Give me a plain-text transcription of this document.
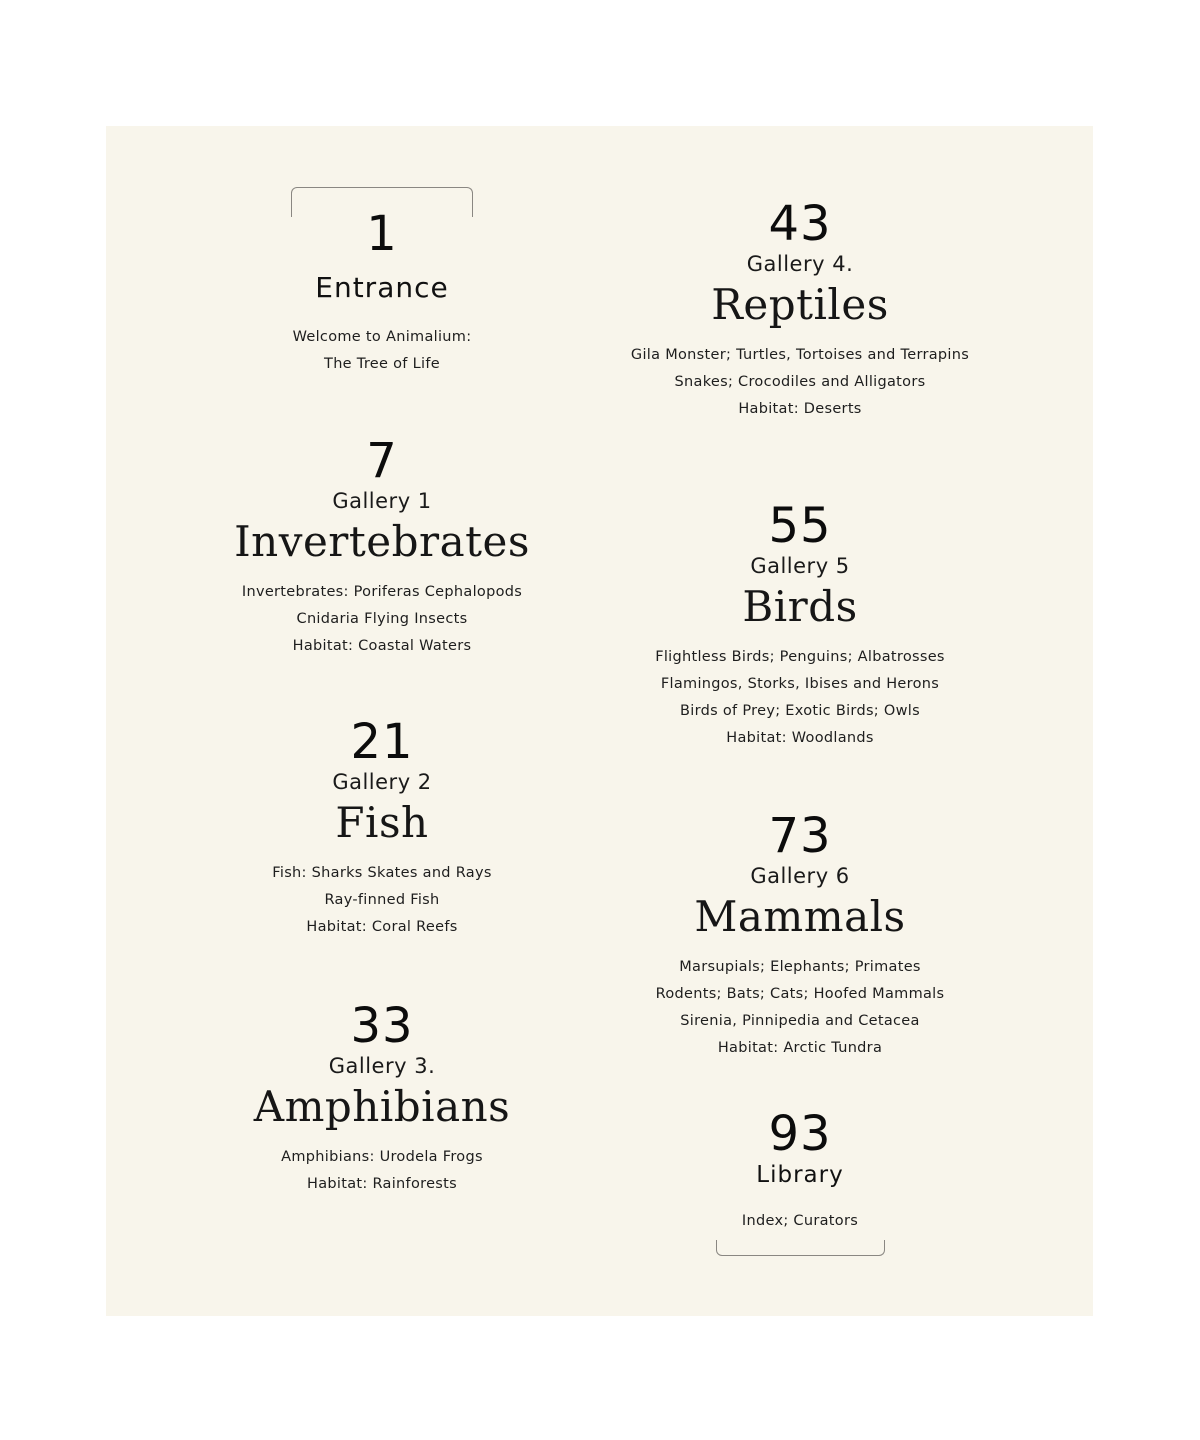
1
Entrance
Welcome to Animalium:
The Tree of Life
7
Gallery 1
Invertebrates
Invertebrates: Poriferas Cephalopods
Cnidaria Flying Insects
Habitat: Coastal Waters
21
Gallery 2
Fish
Fish: Sharks Skates and Rays
Ray-finned Fish
Habitat: Coral Reefs
33
Gallery 3.
Amphibians
Amphibians: Urodela Frogs
Habitat: Rainforests
43
Gallery 4.
Reptiles
Gila Monster; Turtles, Tortoises and Terrapins
Snakes; Crocodiles and Alligators
Habitat: Deserts
55
Gallery 5
Birds
Flightless Birds; Penguins; Albatrosses
Flamingos, Storks, Ibises and Herons
Birds of Prey; Exotic Birds; Owls
Habitat: Woodlands
73
Gallery 6
Mammals
Marsupials; Elephants; Primates
Rodents; Bats; Cats; Hoofed Mammals
Sirenia, Pinnipedia and Cetacea
Habitat: Arctic Tundra
93
Library
Index; Curators
